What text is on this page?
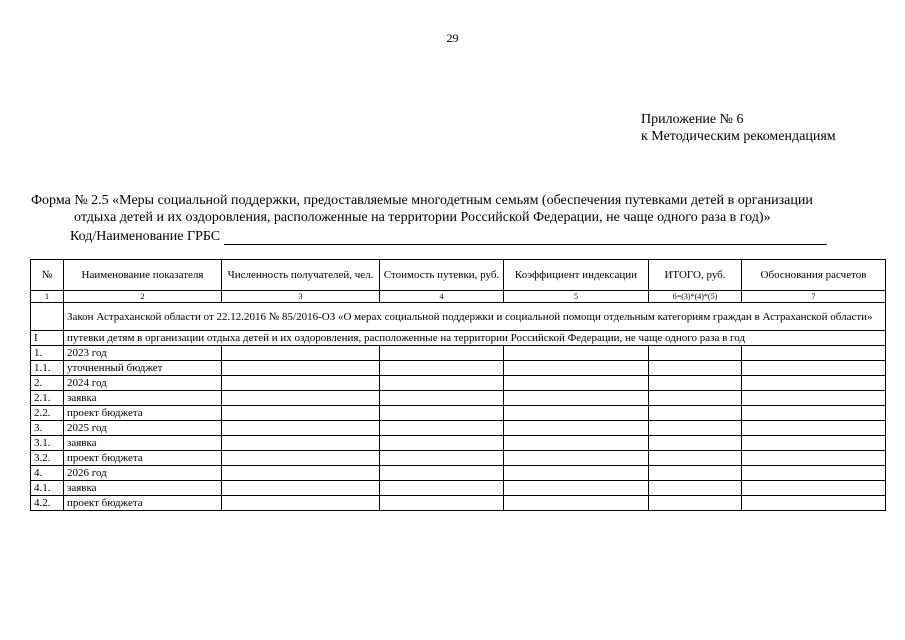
29
Приложение № 6
к Методическим рекомендациям
Форма № 2.5 «Меры социальной поддержки, предоставляемые многодетным семьям (обеспечения путевками детей в организации
отдыха детей и их оздоровления, расположенные на территории Российской Федерации, не чаще одного раза в год)»
Код/Наименование ГРБС
№	Наименование показателя	Численность получателей, чел.	Стоимость путевки, руб.	Коэффициент индексации	ИТОГО, руб.	Обоснования расчетов
1	2	3	4	5	6=(3)*(4)*(5)	7
	Закон Астраханской области от 22.12.2016 № 85/2016-ОЗ «О мерах социальной поддержки и социальной помощи отдельным категориям граждан в Астраханской области»					
I	путевки детям в организации отдыха детей и их оздоровления, расположенные на территории Российской Федерации, не чаще одного раза в год					
1.	2023 год					
1.1.	уточненный бюджет					
2.	2024 год					
2.1.	заявка					
2.2.	проект бюджета					
3.	2025 год					
3.1.	заявка					
3.2.	проект бюджета					
4.	2026 год					
4.1.	заявка					
4.2.	проект бюджета					
